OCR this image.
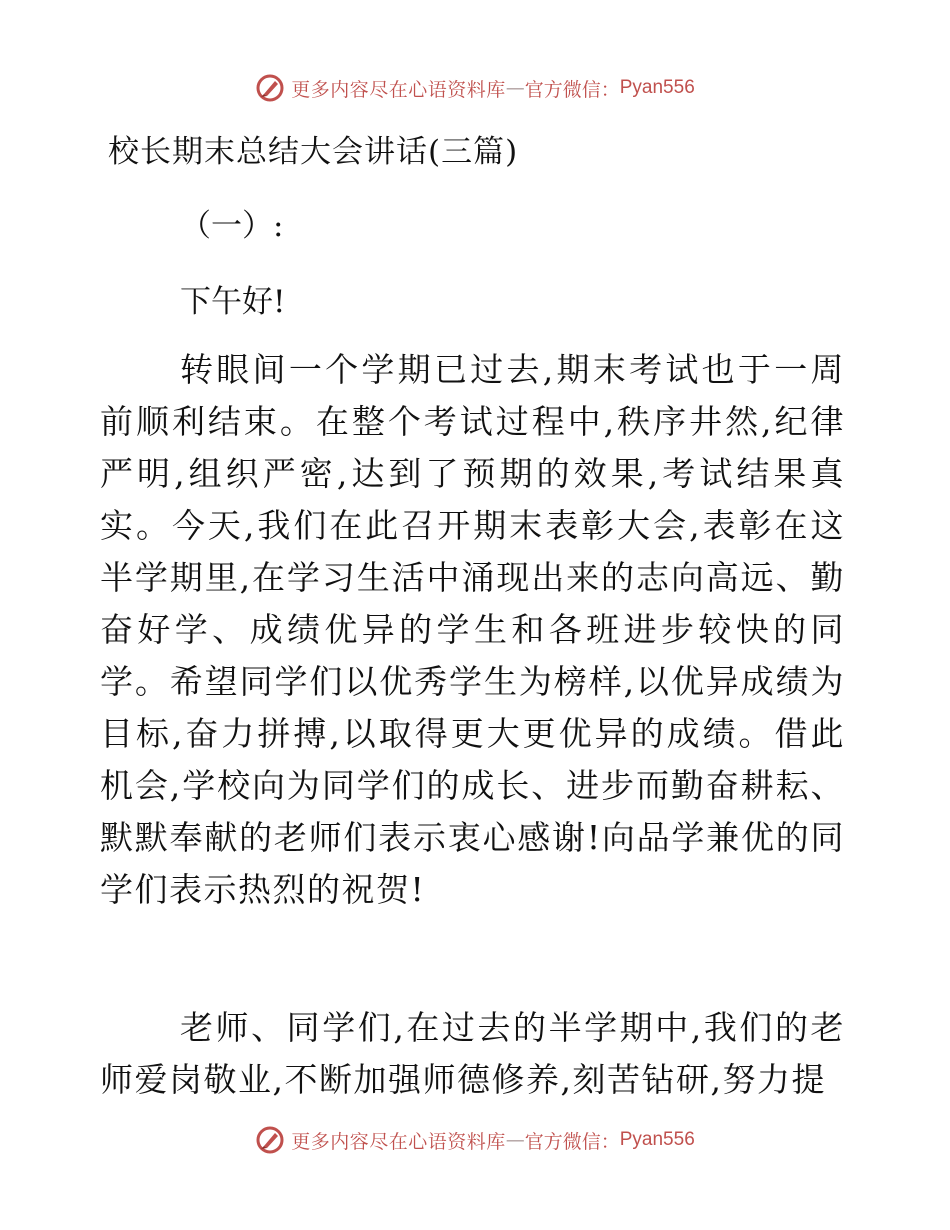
更多内容尽在心语资料库 — 官方微信： Pyan556
校长期末总结大会讲话(三篇)
（一）:
下午好!

转眼间一个学期已过去,期末考试也于一周前顺利结束。在整个考试过程中,秩序井然,纪律严明,组织严密,达到了预期的效果,考试结果真实。今天,我们在此召开期末表彰大会,表彰在这半学期里,在学习生活中涌现出来的志向高远、勤奋好学、成绩优异的学生和各班进步较快的同学。希望同学们以优秀学生为榜样,以优异成绩为目标,奋力拼搏,以取得更大更优异的成绩。借此机会,学校向为同学们的成长、进步而勤奋耕耘、默默奉献的老师们表示衷心感谢!向品学兼优的同学们表示热烈的祝贺!

老师、同学们,在过去的半学期中,我们的老师爱岗敬业,不断加强师德修养,刻苦钻研,努力提

更多内容尽在心语资料库 — 官方微信： Pyan556
